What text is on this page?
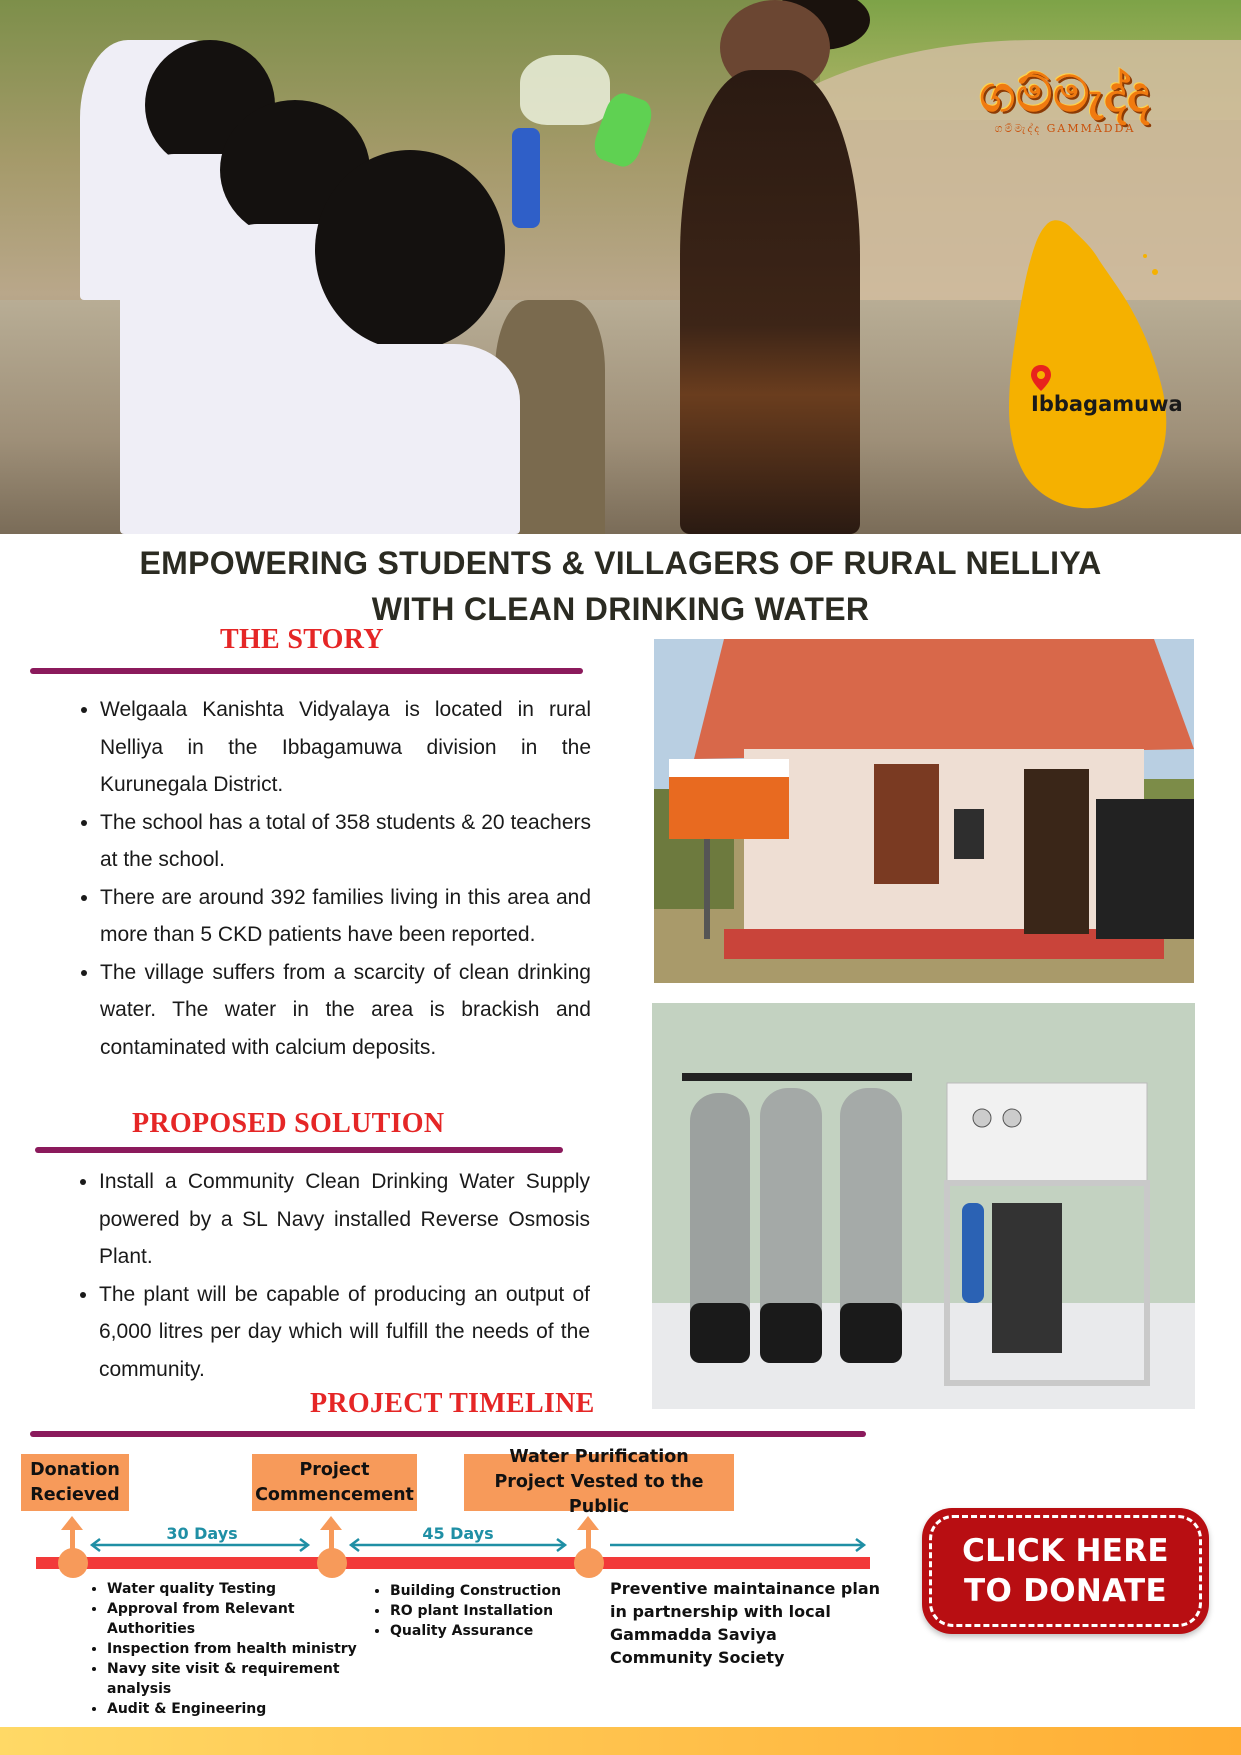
ගම්මැද්ද
ගම්මැද්ද GAMMADDA
Ibbagamuwa
EMPOWERING STUDENTS & VILLAGERS OF RURAL NELLIYA
WITH CLEAN DRINKING WATER
THE STORY
• Welgaala Kanishta Vidyalaya is located in rural Nelliya in the Ibbagamuwa division in the Kurunegala District.
• The school has a total of 358 students & 20 teachers at the school.
• There are around 392 families living in this area and more than 5 CKD patients have been reported.
• The village suffers from a scarcity of clean drinking water. The water in the area is brackish and contaminated with calcium deposits.
PROPOSED SOLUTION
• Install a Community Clean Drinking Water Supply powered by a SL Navy installed Reverse Osmosis Plant.
• The plant will be capable of producing an output of 6,000 litres per day which will fulfill the needs of the community.
PROJECT TIMELINE
Donation
Recieved
Project
Commencement
Water Purification
Project Vested to the Public
30 Days	45 Days
• Water quality Testing
• Approval from Relevant Authorities
• Inspection from health ministry
• Navy site visit & requirement analysis
• Audit & Engineering
• Building Construction
• RO plant Installation
• Quality Assurance
Preventive maintainance plan in partnership with local Gammadda Saviya Community Society
CLICK HERE
TO DONATE
